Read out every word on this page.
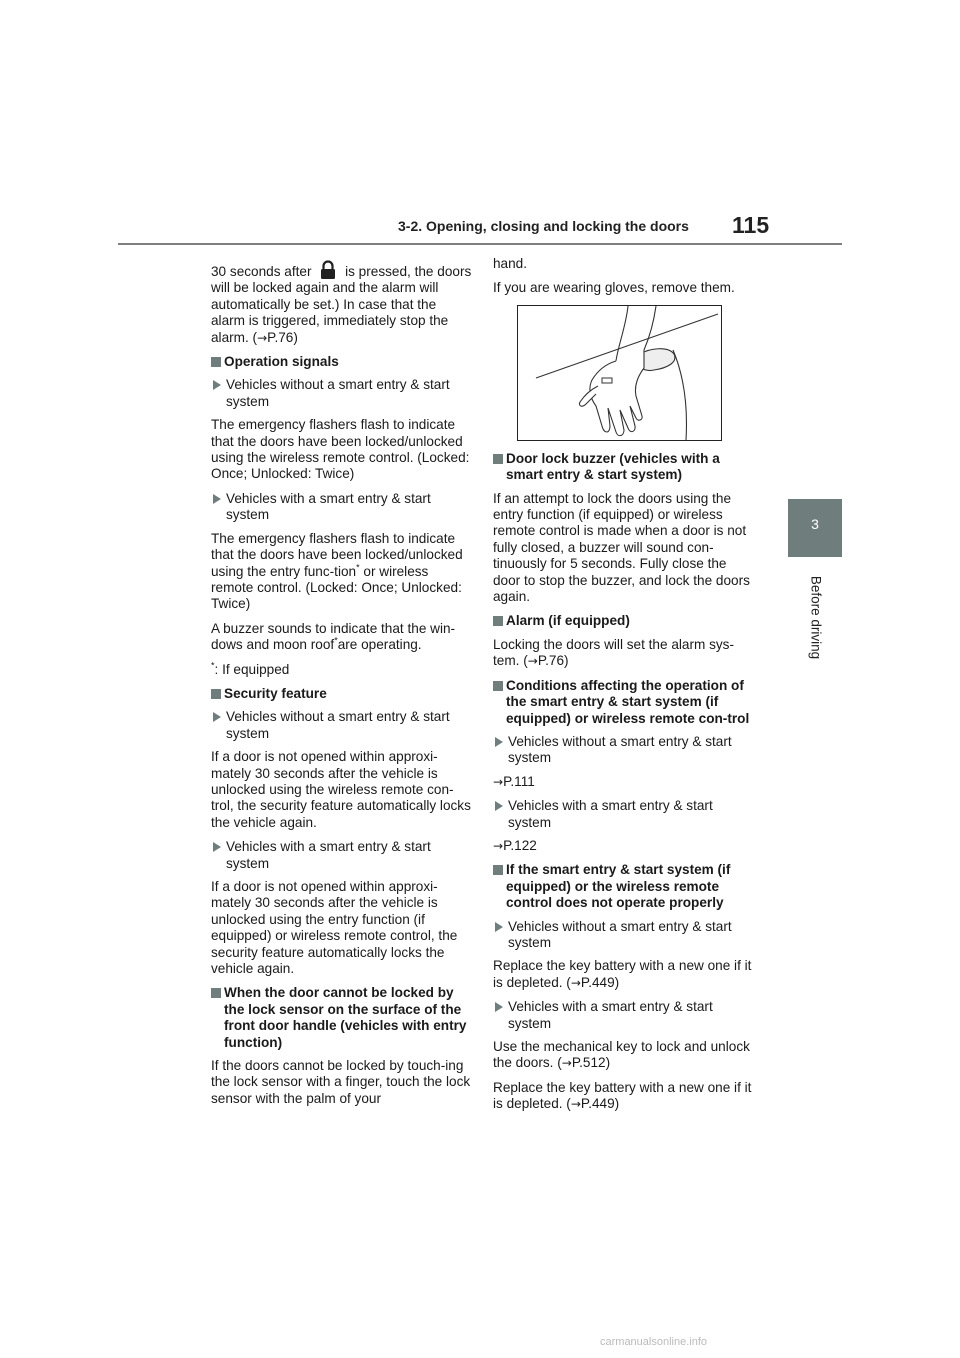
3-2. Opening, closing and locking the doors 115
3
Before driving

30 seconds after is pressed, the doors will be locked again and the alarm will automatically be set.) In case that the alarm is triggered, immediately stop the alarm. (→P.76)

Operation signals
Vehicles without a smart entry & start system

The emergency flashers flash to indicate that the doors have been locked/unlocked using the wireless remote control. (Locked: Once; Unlocked: Twice)

Vehicles with a smart entry & start system

The emergency flashers flash to indicate that the doors have been locked/unlocked using the entry func-tion* or wireless remote control. (Locked: Once; Unlocked: Twice)

A buzzer sounds to indicate that the win-dows and moon roof*are operating.

*: If equipped

Security feature
Vehicles without a smart entry & start system

If a door is not opened within approxi-mately 30 seconds after the vehicle is unlocked using the wireless remote con-trol, the security feature automatically locks the vehicle again.

Vehicles with a smart entry & start system

If a door is not opened within approxi-mately 30 seconds after the vehicle is unlocked using the entry function (if equipped) or wireless remote control, the security feature automatically locks the vehicle again.

When the door cannot be locked by the lock sensor on the surface of the front door handle (vehicles with entry function)

If the doors cannot be locked by touch-ing the lock sensor with a finger, touch the lock sensor with the palm of your

hand.

If you are wearing gloves, remove them.

Door lock buzzer (vehicles with a smart entry & start system)

If an attempt to lock the doors using the entry function (if equipped) or wireless remote control is made when a door is not fully closed, a buzzer will sound con-tinuously for 5 seconds. Fully close the door to stop the buzzer, and lock the doors again.

Alarm (if equipped)

Locking the doors will set the alarm sys-tem. (→P.76)

Conditions affecting the operation of the smart entry & start system (if equipped) or wireless remote con-trol
Vehicles without a smart entry & start system

→P.111

Vehicles with a smart entry & start system

→P.122

If the smart entry & start system (if equipped) or the wireless remote control does not operate properly
Vehicles without a smart entry & start system

Replace the key battery with a new one if it is depleted. (→P.449)

Vehicles with a smart entry & start system

Use the mechanical key to lock and unlock the doors. (→P.512)

Replace the key battery with a new one if it is depleted. (→P.449)

carmanualsonline.info
